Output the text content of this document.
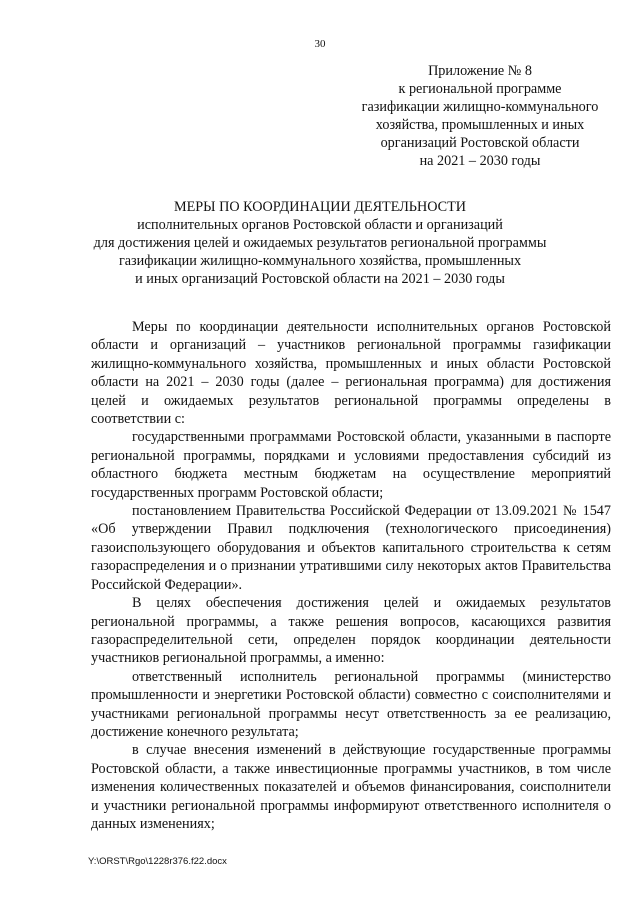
30
Приложение № 8
к региональной программе
газификации жилищно-коммунального
хозяйства, промышленных и иных
организаций Ростовской области
на 2021 – 2030 годы
МЕРЫ ПО КООРДИНАЦИИ ДЕЯТЕЛЬНОСТИ
исполнительных органов Ростовской области и организаций
для достижения целей и ожидаемых результатов региональной программы
газификации жилищно-коммунального хозяйства, промышленных
и иных организаций Ростовской области на 2021 – 2030 годы

Меры по координации деятельности исполнительных органов Ростовской области и организаций – участников региональной программы газификации жилищно-коммунального хозяйства, промышленных и иных области Ростовской области на 2021 – 2030 годы (далее – региональная программа) для достижения целей и ожидаемых результатов региональной программы определены в соответствии с:

государственными программами Ростовской области, указанными в паспорте региональной программы, порядками и условиями предоставления субсидий из областного бюджета местным бюджетам на осуществление мероприятий государственных программ Ростовской области;

постановлением Правительства Российской Федерации от 13.09.2021 № 1547 «Об утверждении Правил подключения (технологического присоединения) газоиспользующего оборудования и объектов капитального строительства к сетям газораспределения и о признании утратившими силу некоторых актов Правительства Российской Федерации».

В целях обеспечения достижения целей и ожидаемых результатов региональной программы, а также решения вопросов, касающихся развития газораспределительной сети, определен порядок координации деятельности участников региональной программы, а именно:

ответственный исполнитель региональной программы (министерство промышленности и энергетики Ростовской области) совместно с соисполнителями и участниками региональной программы несут ответственность за ее реализацию, достижение конечного результата;

в случае внесения изменений в действующие государственные программы Ростовской области, а также инвестиционные программы участников, в том числе изменения количественных показателей и объемов финансирования, соисполнители и участники региональной программы информируют ответственного исполнителя о данных изменениях;

Y:\ORST\Rgo\1228r376.f22.docx
